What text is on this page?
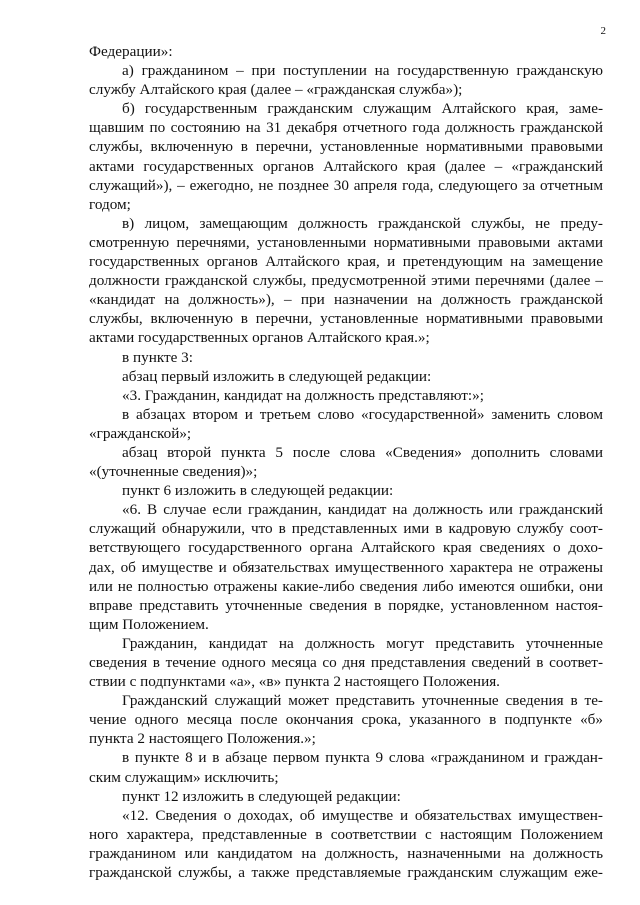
2
Федерации»:
а) гражданином – при поступлении на государственную гражданскую
службу Алтайского края (далее – «гражданская служба»);
б) государственным гражданским служащим Алтайского края, заме-
щавшим по состоянию на 31 декабря отчетного года должность гражданской
службы, включенную в перечни, установленные нормативными правовыми
актами государственных органов Алтайского края (далее – «гражданский
служащий»), – ежегодно, не позднее 30 апреля года, следующего за отчетным
годом;
в) лицом, замещающим должность гражданской службы, не преду-
смотренную перечнями, установленными нормативными правовыми актами
государственных органов Алтайского края, и претендующим на замещение
должности гражданской службы, предусмотренной этими перечнями (далее –
«кандидат на должность»), – при назначении на должность гражданской
службы, включенную в перечни, установленные нормативными правовыми
актами государственных органов Алтайского края.»;
в пункте 3:
абзац первый изложить в следующей редакции:
«3. Гражданин, кандидат на должность представляют:»;
в абзацах втором и третьем слово «государственной» заменить словом
«гражданской»;
абзац второй пункта 5 после слова «Сведения» дополнить словами
«(уточненные сведения)»;
пункт 6 изложить в следующей редакции:
«6. В случае если гражданин, кандидат на должность или гражданский
служащий обнаружили, что в представленных ими в кадровую службу соот-
ветствующего государственного органа Алтайского края сведениях о дохо-
дах, об имуществе и обязательствах имущественного характера не отражены
или не полностью отражены какие-либо сведения либо имеются ошибки, они
вправе представить уточненные сведения в порядке, установленном настоя-
щим Положением.
Гражданин, кандидат на должность могут представить уточненные
сведения в течение одного месяца со дня представления сведений в соответ-
ствии с подпунктами «а», «в» пункта 2 настоящего Положения.
Гражданский служащий может представить уточненные сведения в те-
чение одного месяца после окончания срока, указанного в подпункте «б»
пункта 2 настоящего Положения.»;
в пункте 8 и в абзаце первом пункта 9 слова «гражданином и граждан-
ским служащим» исключить;
пункт 12 изложить в следующей редакции:
«12. Сведения о доходах, об имуществе и обязательствах имуществен-
ного характера, представленные в соответствии с настоящим Положением
гражданином или кандидатом на должность, назначенными на должность
гражданской службы, а также представляемые гражданским служащим еже-
